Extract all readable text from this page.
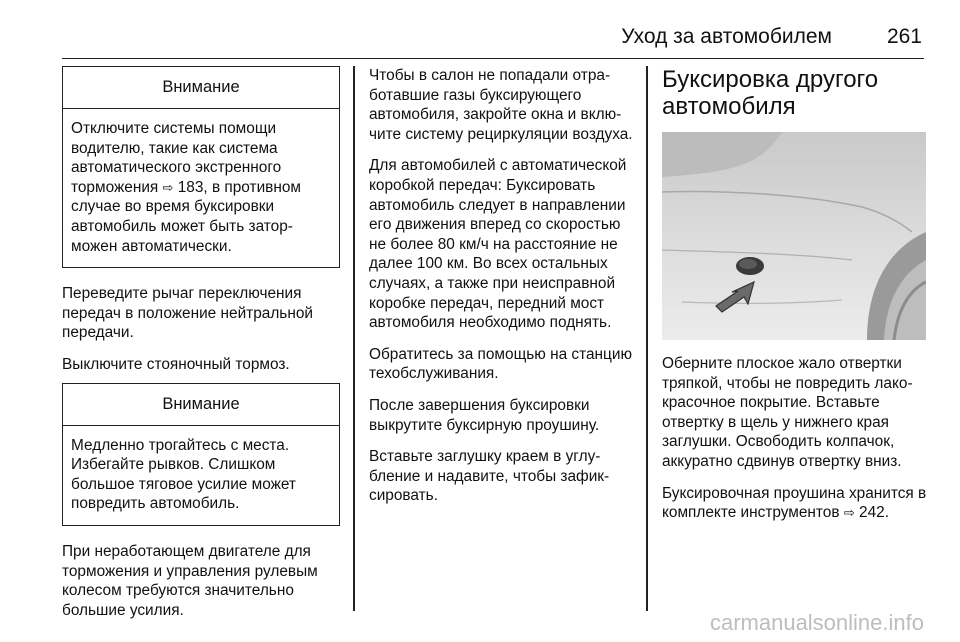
Уход за автомобилем	261
Внимание
Отключите системы помощи водителю, такие как система автоматического экстренного торможения ⇨ 183, в противном случае во время буксировки автомобиль может быть заторможен автоматически.

Переведите рычаг переключения передач в положение нейтральной передачи.

Выключите стояночный тормоз.

Внимание
Медленно трогайтесь с места. Избегайте рывков. Слишком большое тяговое усилие может повредить автомобиль.

При неработающем двигателе для торможения и управления рулевым колесом требуются значительно большие усилия.

Чтобы в салон не попадали отработавшие газы буксирующего автомобиля, закройте окна и включите систему рециркуляции воздуха.

Для автомобилей с автоматической коробкой передач: Буксировать автомобиль следует в направлении его движения вперед со скоростью не более 80 км/ч на расстояние не далее 100 км. Во всех остальных случаях, а также при неисправной коробке передач, передний мост автомобиля необходимо поднять.

Обратитесь за помощью на станцию техобслуживания.

После завершения буксировки выкрутите буксирную проушину.

Вставьте заглушку краем в углубление и надавите, чтобы зафиксировать.

Буксировка другого автомобиля

Оберните плоское жало отвертки тряпкой, чтобы не повредить лакокрасочное покрытие. Вставьте отвертку в щель у нижнего края заглушки. Освободить колпачок, аккуратно сдвинув отвертку вниз.

Буксировочная проушина хранится в комплекте инструментов ⇨ 242.

carmanualsonline.info
